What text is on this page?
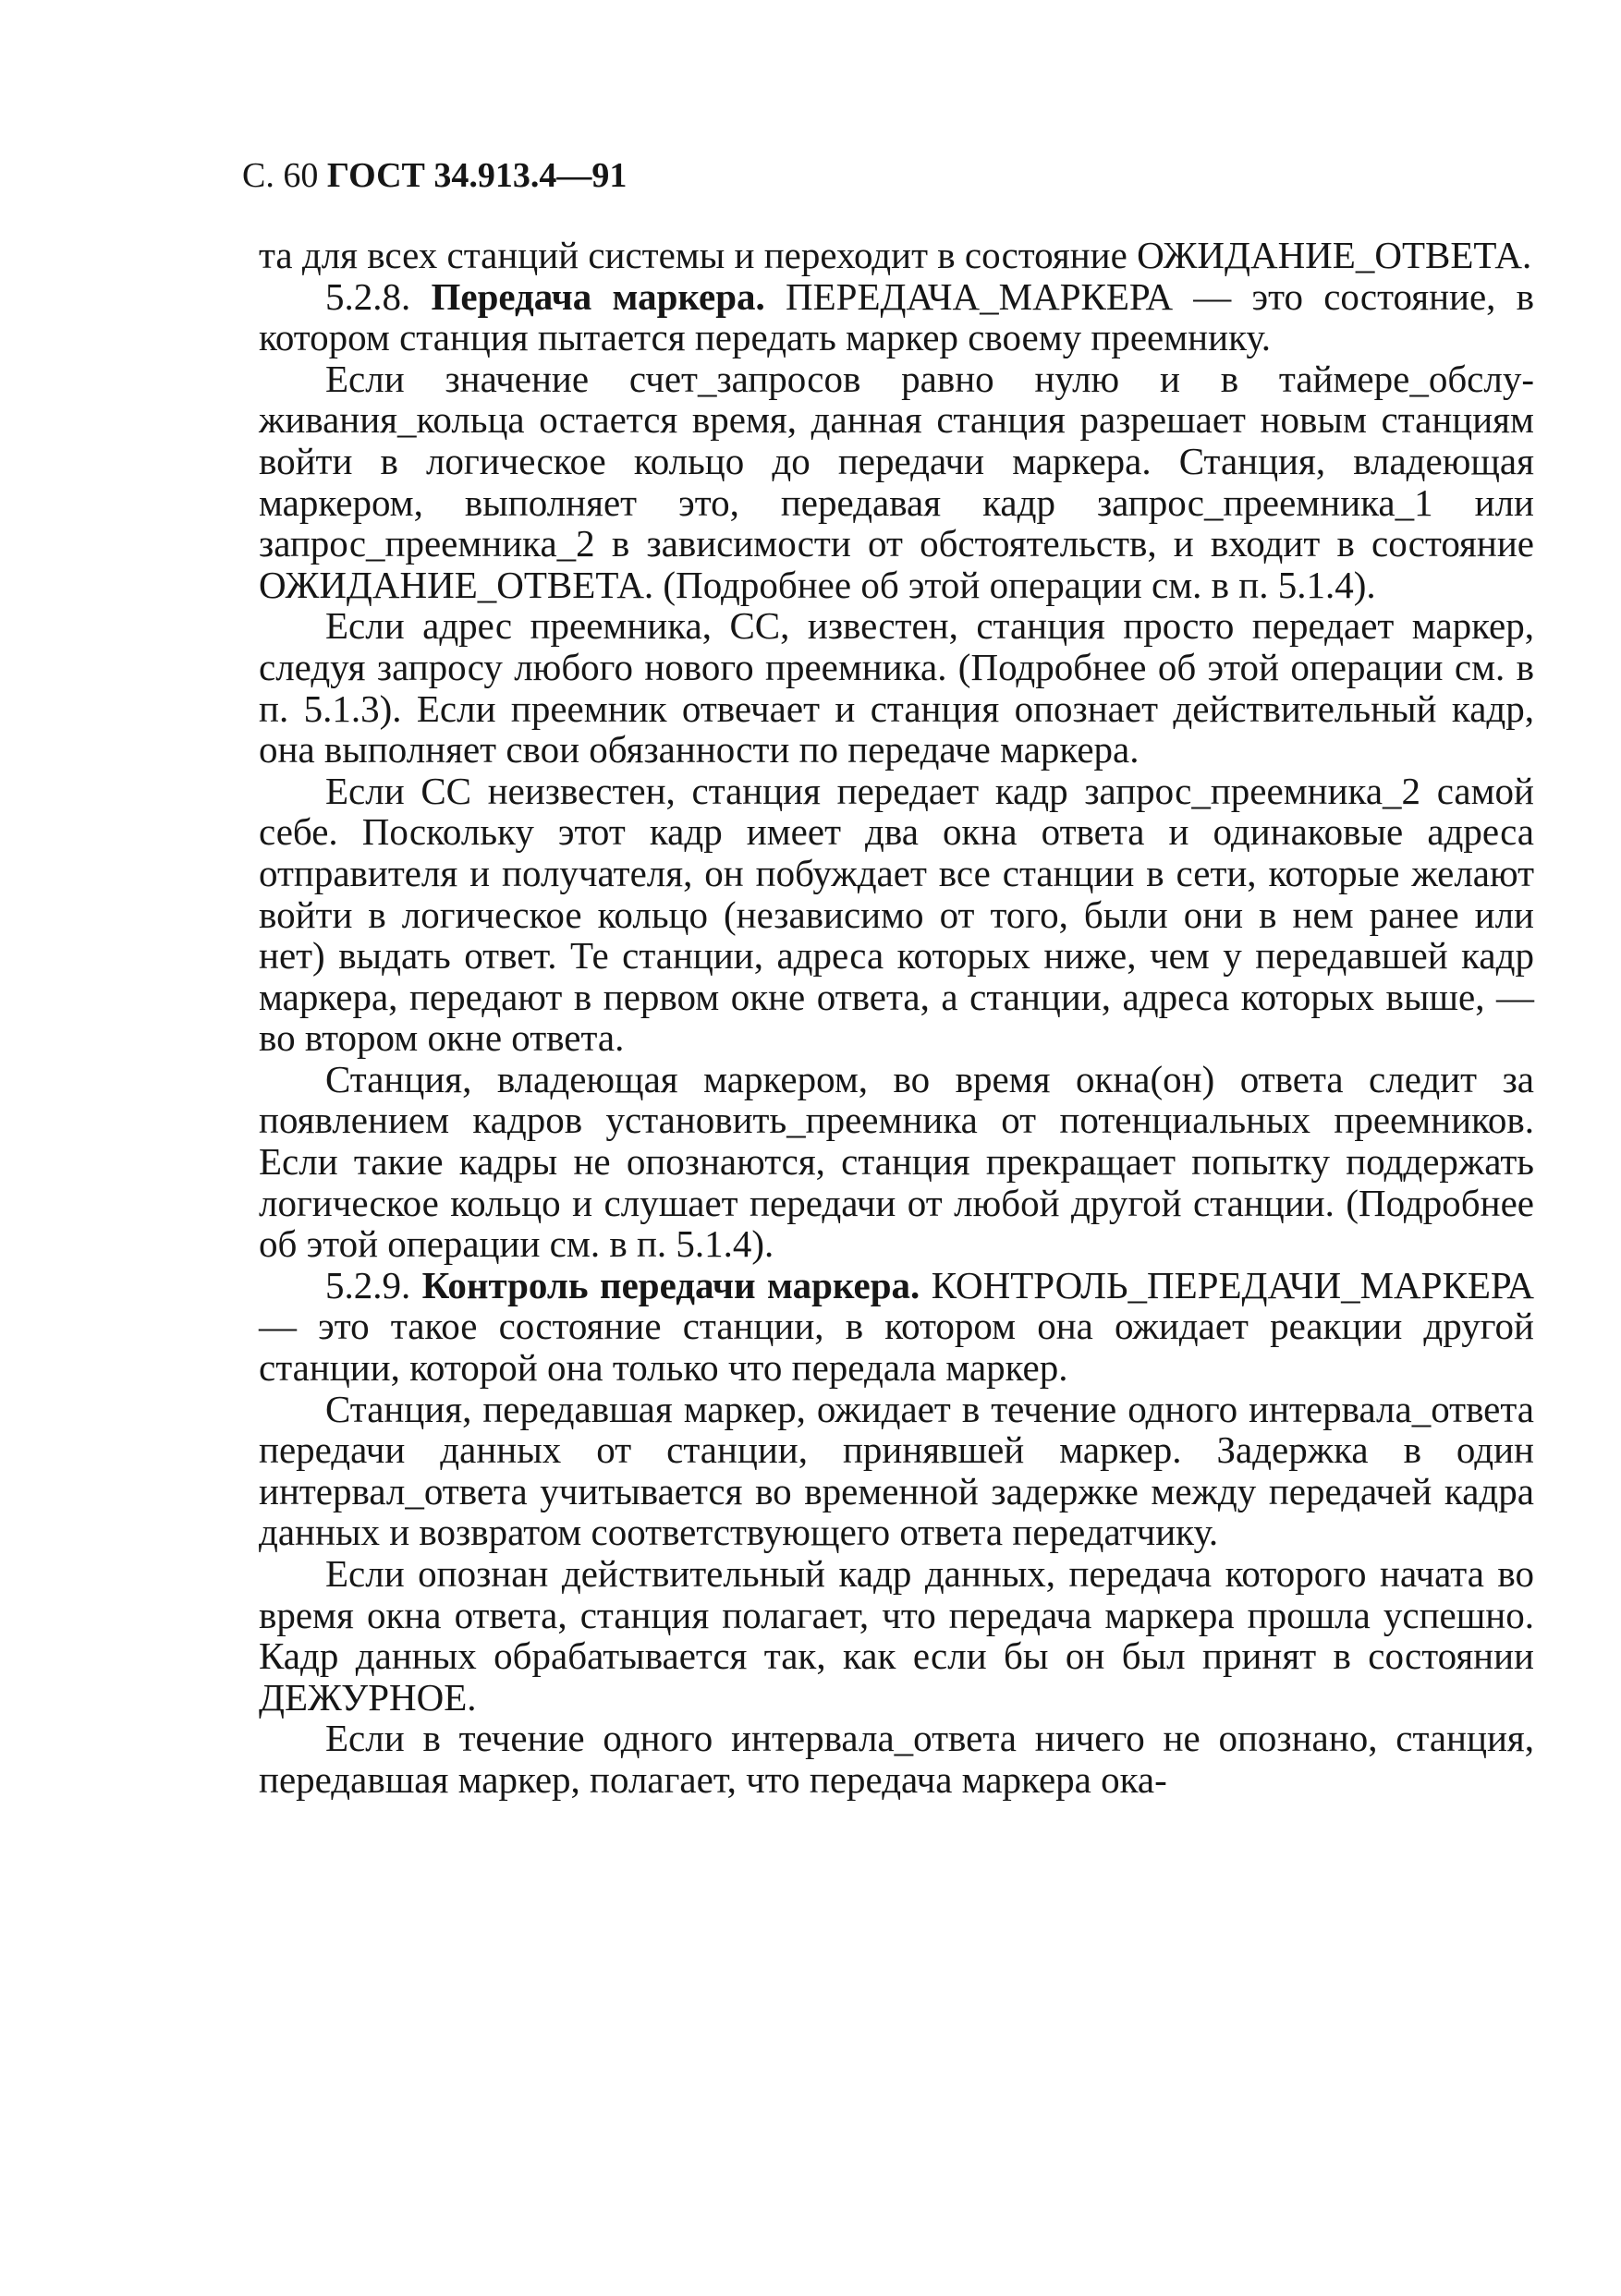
С. 60 ГОСТ 34.913.4—91

та для всех станций системы и переходит в состояние ОЖИДАНИЕ_ОТВЕТА.

5.2.8. Передача маркера. ПЕРЕДАЧА_МАРКЕРА — это состояние, в котором станция пытается передать маркер своему преемнику.

Если значение счет_запросов равно нулю и в таймере_обслуживания_кольца остается время, данная станция разрешает новым станциям войти в логическое кольцо до передачи маркера. Станция, владеющая маркером, выполняет это, передавая кадр запрос_преемника_1 или запрос_преемника_2 в зависимости от обстоятельств, и входит в состояние ОЖИДАНИЕ_ОТВЕТА. (Подробнее об этой операции см. в п. 5.1.4).

Если адрес преемника, СС, известен, станция просто передает маркер, следуя запросу любого нового преемника. (Подробнее об этой операции см. в п. 5.1.3). Если преемник отвечает и станция опознает действительный кадр, она выполняет свои обязанности по передаче маркера.

Если СС неизвестен, станция передает кадр запрос_преемника_2 самой себе. Поскольку этот кадр имеет два окна ответа и одинаковые адреса отправителя и получателя, он побуждает все станции в сети, которые желают войти в логическое кольцо (независимо от того, были они в нем ранее или нет) выдать ответ. Те станции, адреса которых ниже, чем у передавшей кадр маркера, передают в первом окне ответа, а станции, адреса которых выше, — во втором окне ответа.

Станция, владеющая маркером, во время окна(он) ответа следит за появлением кадров установить_преемника от потенциальных преемников. Если такие кадры не опознаются, станция прекращает попытку поддержать логическое кольцо и слушает передачи от любой другой станции. (Подробнее об этой операции см. в п. 5.1.4).

5.2.9. Контроль передачи маркера. КОНТРОЛЬ_ПЕРЕДАЧИ_МАРКЕРА — это такое состояние станции, в котором она ожидает реакции другой станции, которой она только что передала маркер.

Станция, передавшая маркер, ожидает в течение одного интервала_ответа передачи данных от станции, принявшей маркер. Задержка в один интервал_ответа учитывается во временной задержке между передачей кадра данных и возвратом соответствующего ответа передатчику.

Если опознан действительный кадр данных, передача которого начата во время окна ответа, станция полагает, что передача маркера прошла успешно. Кадр данных обрабатывается так, как если бы он был принят в состоянии ДЕЖУРНОЕ.

Если в течение одного интервала_ответа ничего не опознано, станция, передавшая маркер, полагает, что передача маркера ока-
